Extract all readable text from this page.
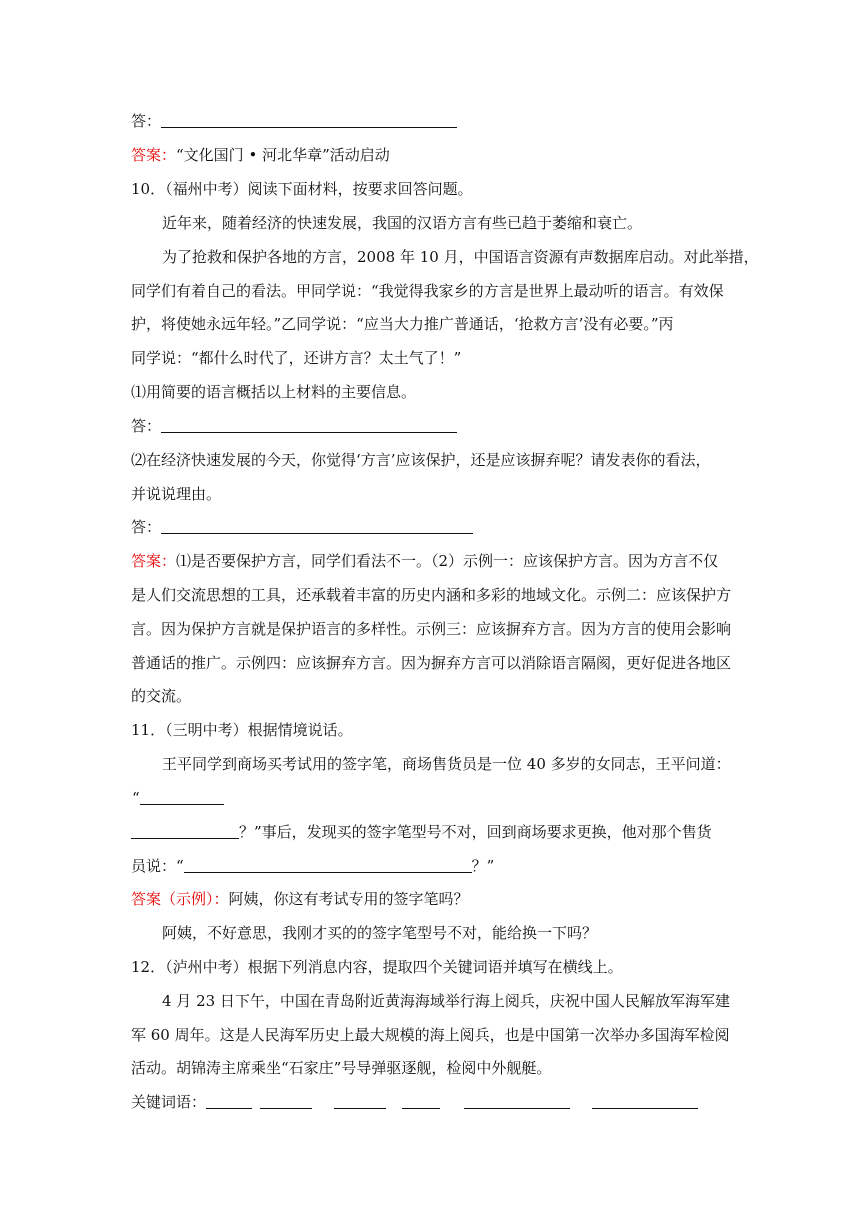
答：
答案：“文化国门 • 河北华章”活动启动
10．（福州中考）阅读下面材料，按要求回答问题。
近年来，随着经济的快速发展，我国的汉语方言有些已趋于萎缩和衰亡。
为了抢救和保护各地的方言，2008 年 10 月，中国语言资源有声数据库启动。对此举措，
同学们有着自己的看法。甲同学说：“我觉得我家乡的方言是世界上最动听的语言。有效保
护，将使她永远年轻。”乙同学说：“应当大力推广普通话，‘抢救方言’没有必要。”丙
同学说：“都什么时代了，还讲方言？太土气了！”
⑴用简要的语言概括以上材料的主要信息。
答：
⑵在经济快速发展的今天，你觉得‘方言’应该保护，还是应该摒弃呢？请发表你的看法，
并说说理由。
答：
答案：⑴是否要保护方言，同学们看法不一。（2）示例一：应该保护方言。因为方言不仅
是人们交流思想的工具，还承载着丰富的历史内涵和多彩的地域文化。示例二：应该保护方
言。因为保护方言就是保护语言的多样性。示例三：应该摒弃方言。因为方言的使用会影响
普通话的推广。示例四：应该摒弃方言。因为摒弃方言可以消除语言隔阂，更好促进各地区
的交流。
11．（三明中考）根据情境说话。
王平同学到商场买考试用的签字笔，商场售货员是一位 40 多岁的女同志，王平问道：
“
？”事后，发现买的签字笔型号不对，回到商场要求更换，他对那个售货
员说：“	？”
答案（示例）：阿姨，你这有考试专用的签字笔吗？
阿姨，不好意思，我刚才买的的签字笔型号不对，能给换一下吗？
12．（泸州中考）根据下列消息内容，提取四个关键词语并填写在横线上。
4 月 23 日下午，中国在青岛附近黄海海域举行海上阅兵，庆祝中国人民解放军海军建
军 60 周年。这是人民海军历史上最大规模的海上阅兵，也是中国第一次举办多国海军检阅
活动。胡锦涛主席乘坐“石家庄”号导弹驱逐舰，检阅中外舰艇。
关键词语：
